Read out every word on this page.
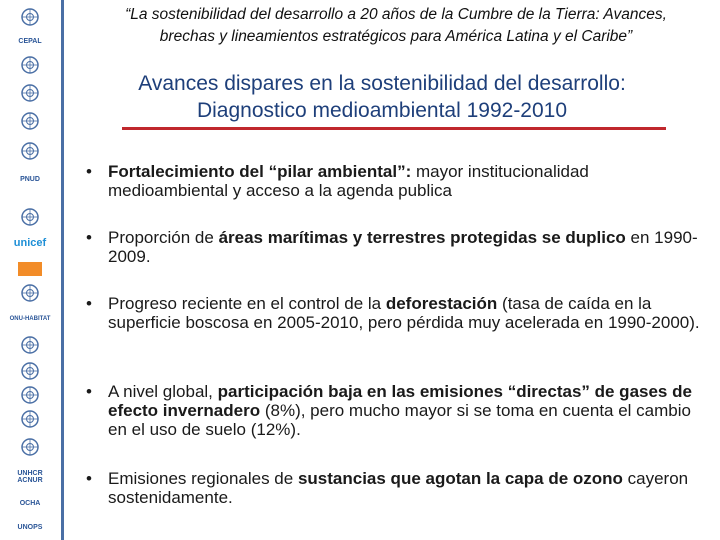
CEPAL
PNUD
unicef
ONU-HABITAT
UNHCR ACNUR
OCHA
UNOPS
“La sostenibilidad del desarrollo a 20 años de la Cumbre de la Tierra: Avances,
brechas y lineamientos estratégicos para América Latina y el Caribe”
Avances dispares en la sostenibilidad del desarrollo:
Diagnostico medioambiental 1992-2010
• Fortalecimiento del “pilar ambiental”: mayor institucionalidad medioambiental y acceso a la agenda publica
• Proporción de áreas marítimas y terrestres protegidas se duplico en 1990-2009.
• Progreso reciente en el control de la deforestación (tasa de caída en la superficie boscosa en 2005-2010, pero pérdida muy acelerada en 1990-2000).
• A nivel global, participación baja en las emisiones “directas” de gases de efecto invernadero (8%), pero mucho mayor si se toma en cuenta el cambio en el uso de suelo (12%).
• Emisiones regionales de sustancias que agotan la capa de ozono cayeron sostenidamente.
